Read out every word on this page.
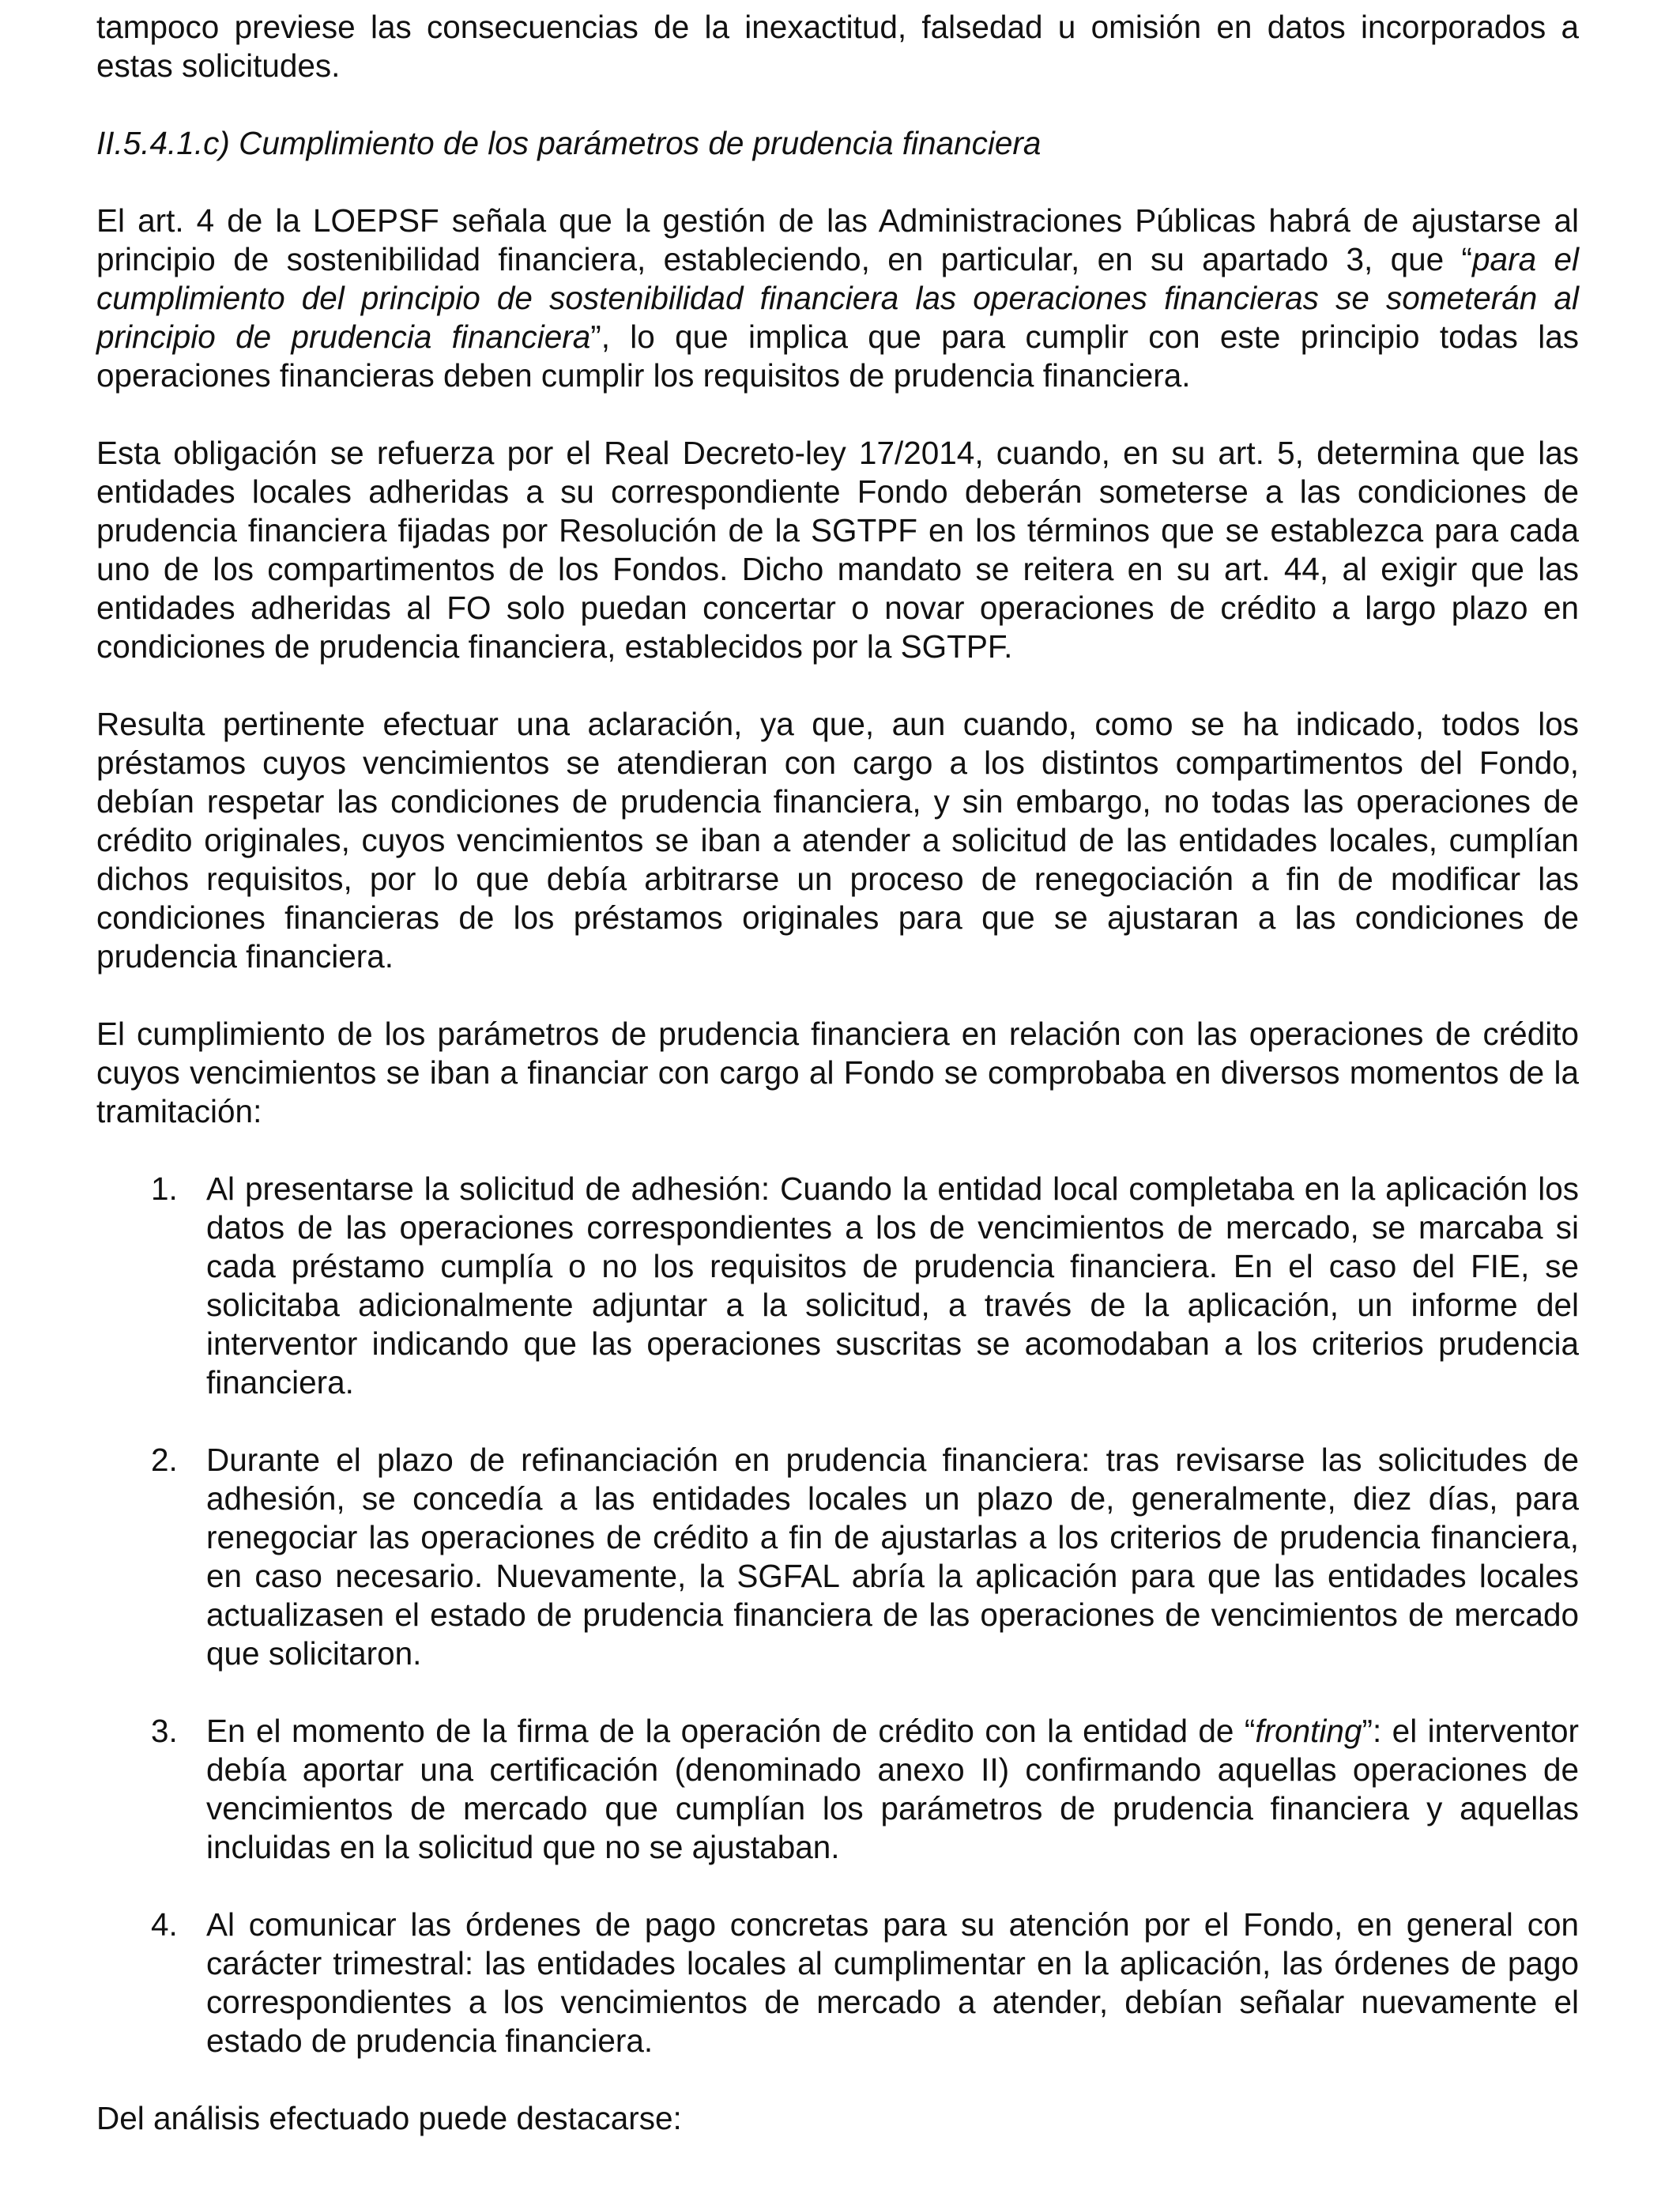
tampoco previese las consecuencias de la inexactitud, falsedad u omisión en datos incorporados a estas solicitudes.

II.5.4.1.c) Cumplimiento de los parámetros de prudencia financiera

El art. 4 de la LOEPSF señala que la gestión de las Administraciones Públicas habrá de ajustarse al principio de sostenibilidad financiera, estableciendo, en particular, en su apartado 3, que “para el cumplimiento del principio de sostenibilidad financiera las operaciones financieras se someterán al principio de prudencia financiera”, lo que implica que para cumplir con este principio todas las operaciones financieras deben cumplir los requisitos de prudencia financiera.

Esta obligación se refuerza por el Real Decreto-ley 17/2014, cuando, en su art. 5, determina que las entidades locales adheridas a su correspondiente Fondo deberán someterse a las condiciones de prudencia financiera fijadas por Resolución de la SGTPF en los términos que se establezca para cada uno de los compartimentos de los Fondos. Dicho mandato se reitera en su art. 44, al exigir que las entidades adheridas al FO solo puedan concertar o novar operaciones de crédito a largo plazo en condiciones de prudencia financiera, establecidos por la SGTPF.

Resulta pertinente efectuar una aclaración, ya que, aun cuando, como se ha indicado, todos los préstamos cuyos vencimientos se atendieran con cargo a los distintos compartimentos del Fondo, debían respetar las condiciones de prudencia financiera, y sin embargo, no todas las operaciones de crédito originales, cuyos vencimientos se iban a atender a solicitud de las entidades locales, cumplían dichos requisitos, por lo que debía arbitrarse un proceso de renegociación a fin de modificar las condiciones financieras de los préstamos originales para que se ajustaran a las condiciones de prudencia financiera.

El cumplimiento de los parámetros de prudencia financiera en relación con las operaciones de crédito cuyos vencimientos se iban a financiar con cargo al Fondo se comprobaba en diversos momentos de la tramitación:

1. Al presentarse la solicitud de adhesión: Cuando la entidad local completaba en la aplicación los datos de las operaciones correspondientes a los de vencimientos de mercado, se marcaba si cada préstamo cumplía o no los requisitos de prudencia financiera. En el caso del FIE, se solicitaba adicionalmente adjuntar a la solicitud, a través de la aplicación, un informe del interventor indicando que las operaciones suscritas se acomodaban a los criterios prudencia financiera.
2. Durante el plazo de refinanciación en prudencia financiera: tras revisarse las solicitudes de adhesión, se concedía a las entidades locales un plazo de, generalmente, diez días, para renegociar las operaciones de crédito a fin de ajustarlas a los criterios de prudencia financiera, en caso necesario. Nuevamente, la SGFAL abría la aplicación para que las entidades locales actualizasen el estado de prudencia financiera de las operaciones de vencimientos de mercado que solicitaron.
3. En el momento de la firma de la operación de crédito con la entidad de “fronting”: el interventor debía aportar una certificación (denominado anexo II) confirmando aquellas operaciones de vencimientos de mercado que cumplían los parámetros de prudencia financiera y aquellas incluidas en la solicitud que no se ajustaban.
4. Al comunicar las órdenes de pago concretas para su atención por el Fondo, en general con carácter trimestral: las entidades locales al cumplimentar en la aplicación, las órdenes de pago correspondientes a los vencimientos de mercado a atender, debían señalar nuevamente el estado de prudencia financiera.

Del análisis efectuado puede destacarse:
